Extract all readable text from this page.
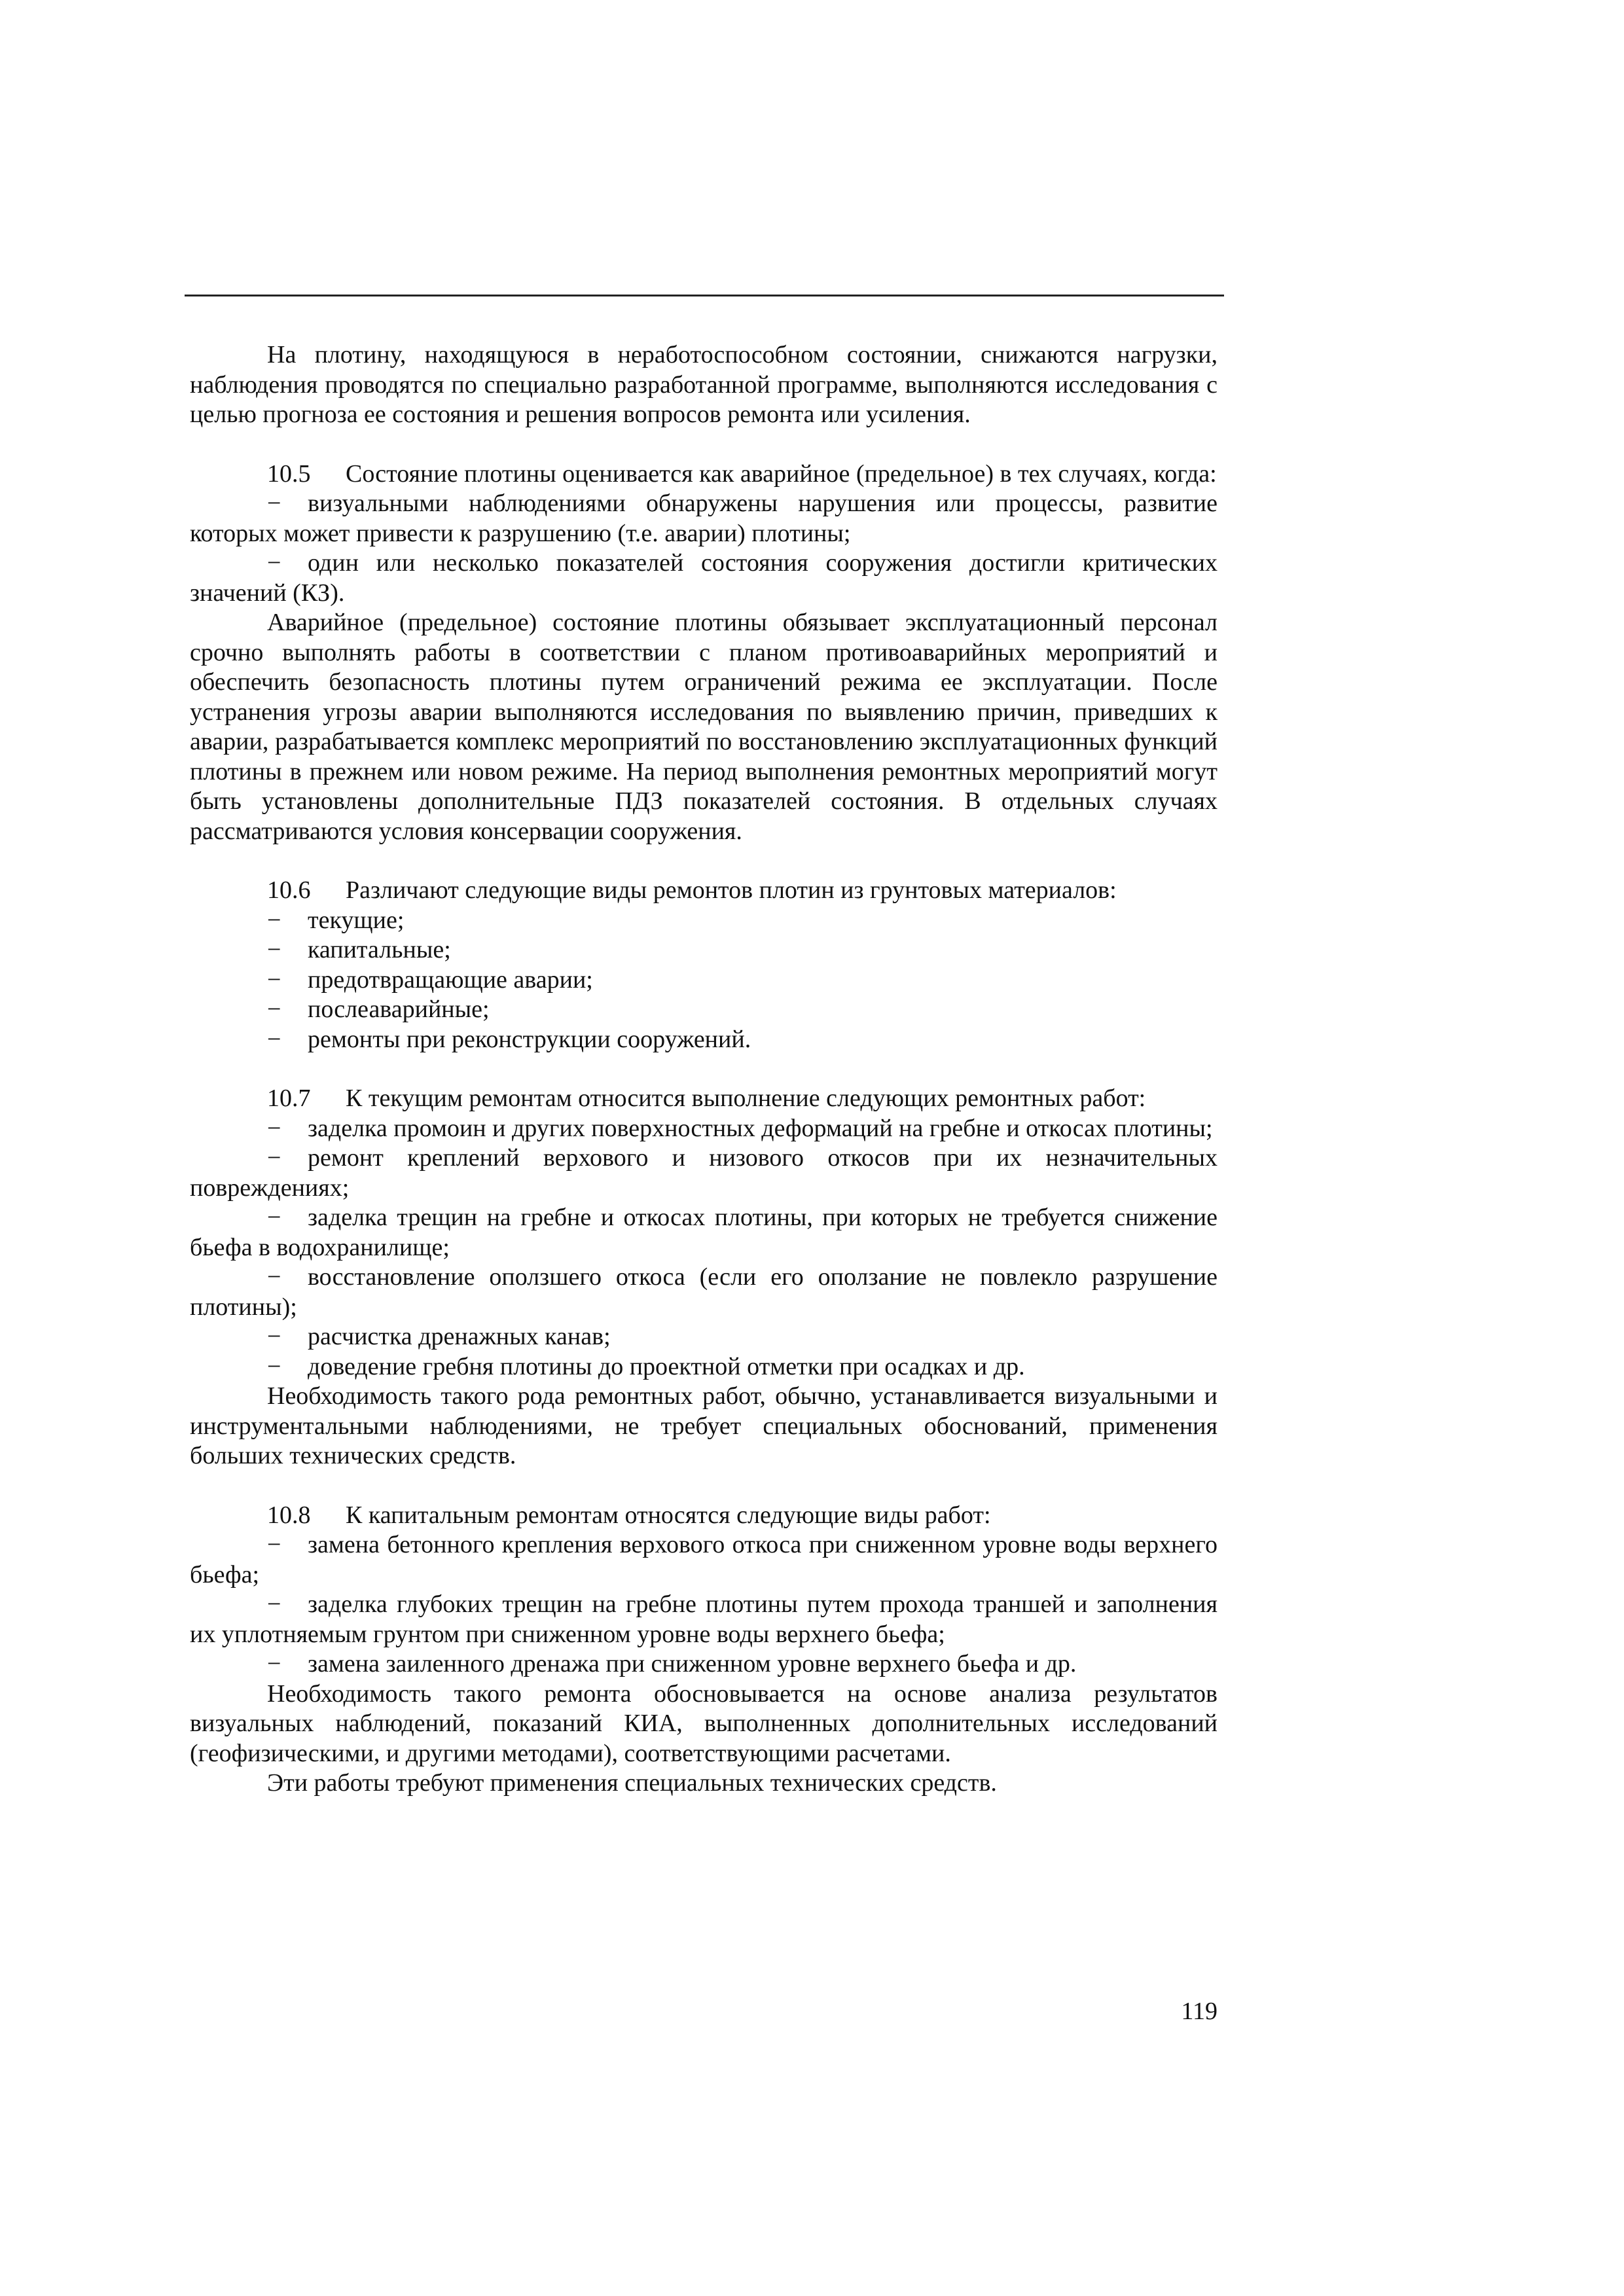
На плотину, находящуюся в неработоспособном состоянии, снижаются нагрузки, наблюдения проводятся по специально разработанной программе, выполняются исследования с целью прогноза ее состояния и решения вопросов ремонта или усиления.

10.5 Состояние плотины оценивается как аварийное (предельное) в тех случаях, когда:

− визуальными наблюдениями обнаружены нарушения или процессы, развитие которых может привести к разрушению (т.е. аварии) плотины;

− один или несколько показателей состояния сооружения достигли критических значений (КЗ).

Аварийное (предельное) состояние плотины обязывает эксплуатационный персонал срочно выполнять работы в соответствии с планом противоаварийных мероприятий и обеспечить безопасность плотины путем ограничений режима ее эксплуатации. После устранения угрозы аварии выполняются исследования по выявлению причин, приведших к аварии, разрабатывается комплекс мероприятий по восстановлению эксплуатационных функций плотины в прежнем или новом режиме. На период выполнения ремонтных мероприятий могут быть установлены дополнительные ПДЗ показателей состояния. В отдельных случаях рассматриваются условия консервации сооружения.

10.6 Различают следующие виды ремонтов плотин из грунтовых материалов:

− текущие;

− капитальные;

− предотвращающие аварии;

− послеаварийные;

− ремонты при реконструкции сооружений.

10.7 К текущим ремонтам относится выполнение следующих ремонтных работ:

− заделка промоин и других поверхностных деформаций на гребне и откосах плотины;

− ремонт креплений верхового и низового откосов при их незначительных повреждениях;

− заделка трещин на гребне и откосах плотины, при которых не требуется снижение бьефа в водохранилище;

− восстановление оползшего откоса (если его оползание не повлекло разрушение плотины);

− расчистка дренажных канав;

− доведение гребня плотины до проектной отметки при осадках и др.

Необходимость такого рода ремонтных работ, обычно, устанавливается визуальными и инструментальными наблюдениями, не требует специальных обоснований, применения больших технических средств.

10.8 К капитальным ремонтам относятся следующие виды работ:

− замена бетонного крепления верхового откоса при сниженном уровне воды верхнего бьефа;

− заделка глубоких трещин на гребне плотины путем прохода траншей и заполнения их уплотняемым грунтом при сниженном уровне воды верхнего бьефа;

− замена заиленного дренажа при сниженном уровне верхнего бьефа и др.

Необходимость такого ремонта обосновывается на основе анализа результатов визуальных наблюдений, показаний КИА, выполненных дополнительных исследований (геофизическими, и другими методами), соответствующими расчетами.

Эти работы требуют применения специальных технических средств.

119
